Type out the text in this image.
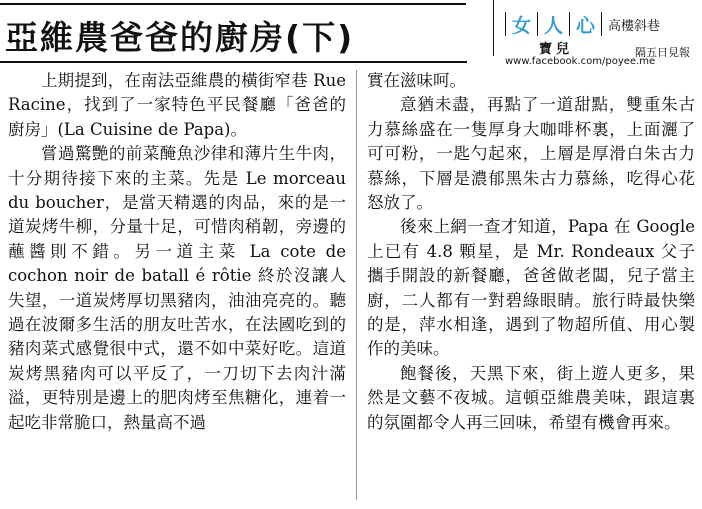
亞維農爸爸的廚房(下)	女 人 心	高樓斜巷
寶兒	隔五日見報
www.facebook.com/poyee.me

上期提到，在南法亞維農的橫街窄巷 Rue Racine，找到了一家特色平民餐廳「爸爸的廚房」(La Cuisine de Papa)。

嘗過驚艷的前菜醃魚沙律和薄片生牛肉，十分期待接下來的主菜。先是 Le morceau du boucher，是當天精選的肉品，來的是一道炭烤牛柳，分量十足，可惜肉稍韌，旁邊的蘸醬則不錯。另一道主菜 La cote de cochon noir de batall é rôtie 終於沒讓人失望，一道炭烤厚切黑豬肉，油油亮亮的。聽過在波爾多生活的朋友吐苦水，在法國吃到的豬肉菜式感覺很中式，還不如中菜好吃。這道炭烤黑豬肉可以平反了，一刀切下去肉汁滿溢，更特別是邊上的肥肉烤至焦糖化，連着一起吃非常脆口，熱量高不過

實在滋味呵。

意猶未盡，再點了一道甜點，雙重朱古力慕絲盛在一隻厚身大咖啡杯裏，上面灑了可可粉，一匙勺起來，上層是厚滑白朱古力慕絲，下層是濃郁黑朱古力慕絲，吃得心花怒放了。

後來上網一查才知道，Papa 在 Google 上已有 4.8 顆星，是 Mr. Rondeaux 父子攜手開設的新餐廳，爸爸做老闆，兒子當主廚，二人都有一對碧綠眼睛。旅行時最快樂的是，萍水相逢，遇到了物超所值、用心製作的美味。

飽餐後，天黑下來，街上遊人更多，果然是文藝不夜城。這頓亞維農美味，跟這裏的氛圍都令人再三回味，希望有機會再來。
